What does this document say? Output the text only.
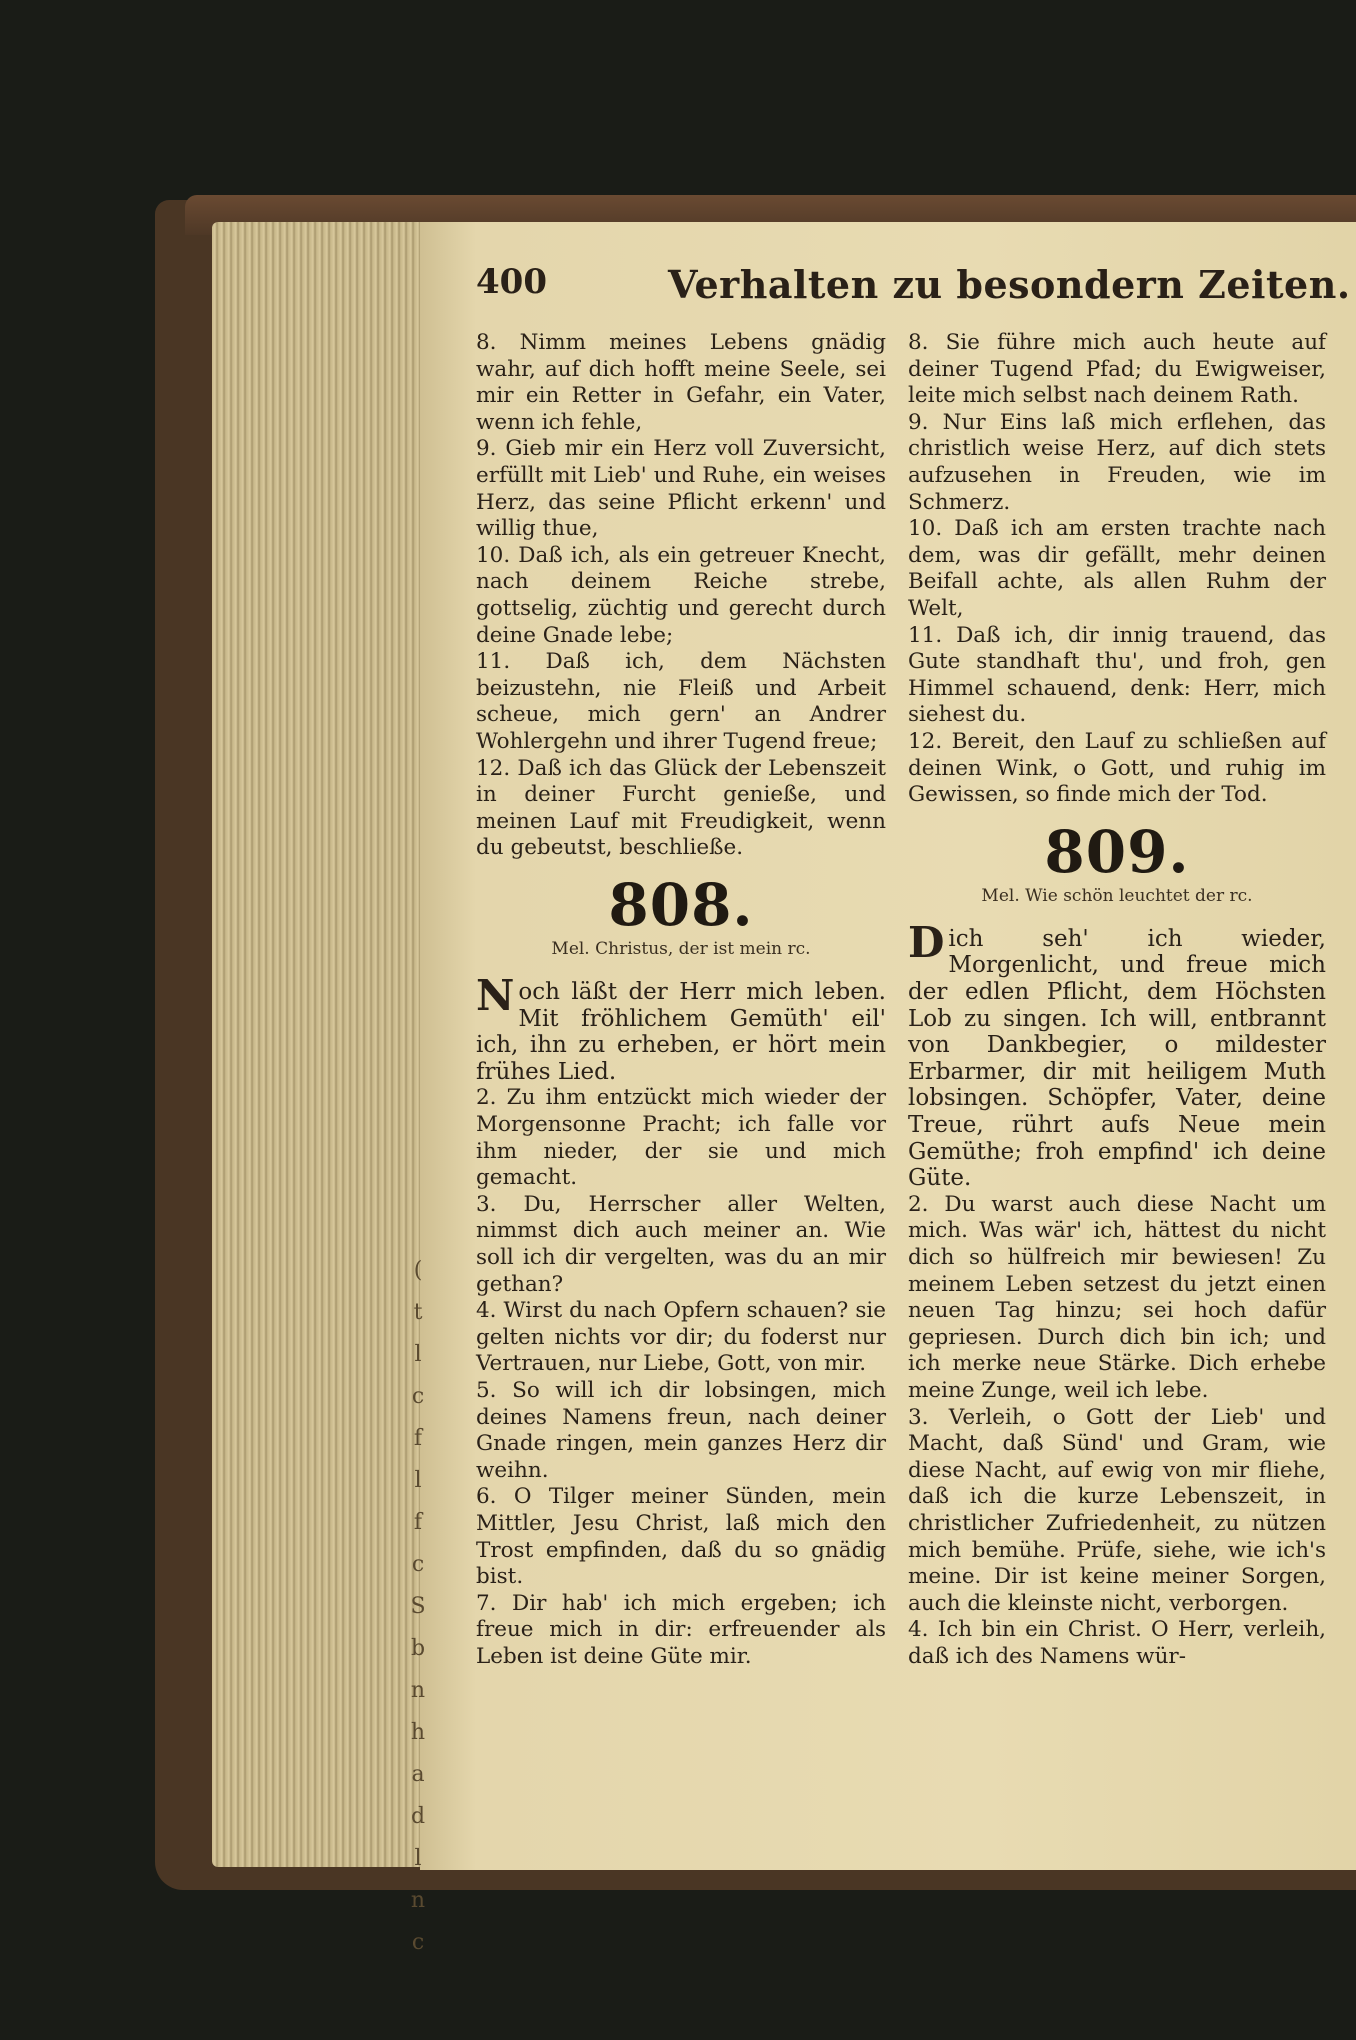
(
t
l
c
f
l
f
c
S
b
n
h
a
d
l
n
c
400	Verhalten zu besondern Zeiten.

8. Nimm meines Lebens gnädig wahr, auf dich hofft meine Seele, sei mir ein Retter in Gefahr, ein Vater, wenn ich fehle,

9. Gieb mir ein Herz voll Zuversicht, erfüllt mit Lieb' und Ruhe, ein weises Herz, das seine Pflicht erkenn' und willig thue,

10. Daß ich, als ein getreuer Knecht, nach deinem Reiche strebe, gottselig, züchtig und gerecht durch deine Gnade lebe;

11. Daß ich, dem Nächsten beizustehn, nie Fleiß und Arbeit scheue, mich gern' an Andrer Wohlergehn und ihrer Tugend freue;

12. Daß ich das Glück der Lebenszeit in deiner Furcht genieße, und meinen Lauf mit Freudigkeit, wenn du gebeutst, beschließe.

808.
Mel. Christus, der ist mein rc.

Noch läßt der Herr mich leben. Mit fröhlichem Gemüth' eil' ich, ihn zu erheben, er hört mein frühes Lied.

2. Zu ihm entzückt mich wieder der Morgensonne Pracht; ich falle vor ihm nieder, der sie und mich gemacht.

3. Du, Herrscher aller Welten, nimmst dich auch meiner an. Wie soll ich dir vergelten, was du an mir gethan?

4. Wirst du nach Opfern schauen? sie gelten nichts vor dir; du foderst nur Vertrauen, nur Liebe, Gott, von mir.

5. So will ich dir lobsingen, mich deines Namens freun, nach deiner Gnade ringen, mein ganzes Herz dir weihn.

6. O Tilger meiner Sünden, mein Mittler, Jesu Christ, laß mich den Trost empfinden, daß du so gnädig bist.

7. Dir hab' ich mich ergeben; ich freue mich in dir: erfreuender als Leben ist deine Güte mir.

8. Sie führe mich auch heute auf deiner Tugend Pfad; du Ewigweiser, leite mich selbst nach deinem Rath.

9. Nur Eins laß mich erflehen, das christlich weise Herz, auf dich stets aufzusehen in Freuden, wie im Schmerz.

10. Daß ich am ersten trachte nach dem, was dir gefällt, mehr deinen Beifall achte, als allen Ruhm der Welt,

11. Daß ich, dir innig trauend, das Gute standhaft thu', und froh, gen Himmel schauend, denk: Herr, mich siehest du.

12. Bereit, den Lauf zu schließen auf deinen Wink, o Gott, und ruhig im Gewissen, so finde mich der Tod.

809.
Mel. Wie schön leuchtet der rc.

Dich seh' ich wieder, Morgenlicht, und freue mich der edlen Pflicht, dem Höchsten Lob zu singen. Ich will, entbrannt von Dankbegier, o mildester Erbarmer, dir mit heiligem Muth lobsingen. Schöpfer, Vater, deine Treue, rührt aufs Neue mein Gemüthe; froh empfind' ich deine Güte.

2. Du warst auch diese Nacht um mich. Was wär' ich, hättest du nicht dich so hülfreich mir bewiesen! Zu meinem Leben setzest du jetzt einen neuen Tag hinzu; sei hoch dafür gepriesen. Durch dich bin ich; und ich merke neue Stärke. Dich erhebe meine Zunge, weil ich lebe.

3. Verleih, o Gott der Lieb' und Macht, daß Sünd' und Gram, wie diese Nacht, auf ewig von mir fliehe, daß ich die kurze Lebenszeit, in christlicher Zufriedenheit, zu nützen mich bemühe. Prüfe, siehe, wie ich's meine. Dir ist keine meiner Sorgen, auch die kleinste nicht, verborgen.

4. Ich bin ein Christ. O Herr, verleih, daß ich des Namens wür-
